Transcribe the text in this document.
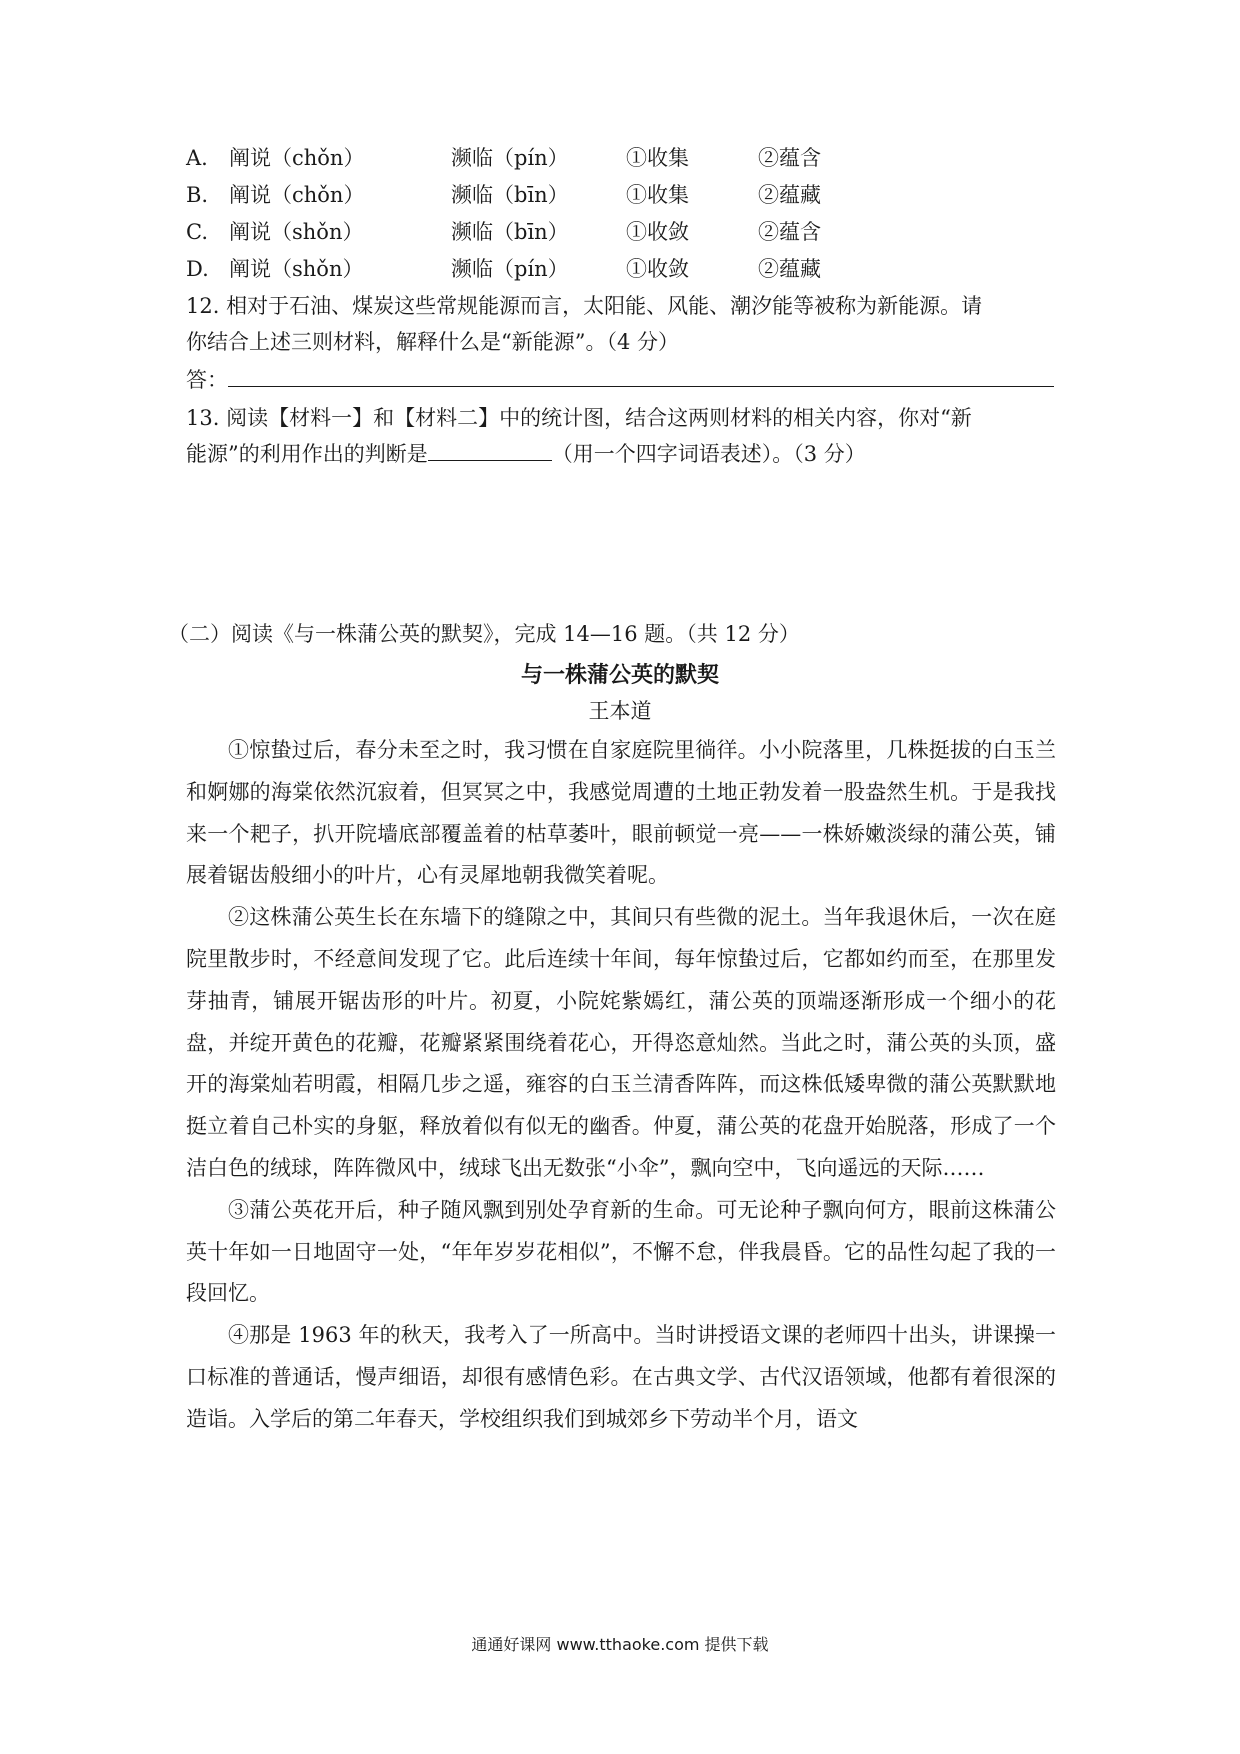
A. 阐说（chǒn）	濒临（pín）	①收集	②蕴含
B. 阐说（chǒn）	濒临（bīn）	①收集	②蕴藏
C. 阐说（shǒn）	濒临（bīn）	①收敛	②蕴含
D. 阐说（shǒn）	濒临（pín）	①收敛	②蕴藏
12. 相对于石油、煤炭这些常规能源而言，太阳能、风能、潮汐能等被称为新能源。请
你结合上述三则材料，解释什么是“新能源”。（4 分）
答：
13. 阅读【材料一】和【材料二】中的统计图，结合这两则材料的相关内容，你对“新
能源”的利用作出的判断是	（用一个四字词语表述）。（3 分）
（二）阅读《与一株蒲公英的默契》，完成 14—16 题。（共 12 分）
与一株蒲公英的默契
王本道

①惊蛰过后，春分未至之时，我习惯在自家庭院里徜徉。小小院落里，几株挺拔的白玉兰和婀娜的海棠依然沉寂着，但冥冥之中，我感觉周遭的土地正勃发着一股盎然生机。于是我找来一个耙子，扒开院墙底部覆盖着的枯草萎叶，眼前顿觉一亮——一株娇嫩淡绿的蒲公英，铺展着锯齿般细小的叶片，心有灵犀地朝我微笑着呢。

②这株蒲公英生长在东墙下的缝隙之中，其间只有些微的泥土。当年我退休后，一次在庭院里散步时，不经意间发现了它。此后连续十年间，每年惊蛰过后，它都如约而至，在那里发芽抽青，铺展开锯齿形的叶片。初夏，小院姹紫嫣红，蒲公英的顶端逐渐形成一个细小的花盘，并绽开黄色的花瓣，花瓣紧紧围绕着花心，开得恣意灿然。当此之时，蒲公英的头顶，盛开的海棠灿若明霞，相隔几步之遥，雍容的白玉兰清香阵阵，而这株低矮卑微的蒲公英默默地挺立着自己朴实的身躯，释放着似有似无的幽香。仲夏，蒲公英的花盘开始脱落，形成了一个洁白色的绒球，阵阵微风中，绒球飞出无数张“小伞”，飘向空中，飞向遥远的天际……

③蒲公英花开后，种子随风飘到别处孕育新的生命。可无论种子飘向何方，眼前这株蒲公英十年如一日地固守一处，“年年岁岁花相似”，不懈不怠，伴我晨昏。它的品性勾起了我的一段回忆。

④那是 1963 年的秋天，我考入了一所高中。当时讲授语文课的老师四十出头，讲课操一口标准的普通话，慢声细语，却很有感情色彩。在古典文学、古代汉语领域，他都有着很深的造诣。入学后的第二年春天，学校组织我们到城郊乡下劳动半个月，语文

通通好课网 www.tthaoke.com 提供下载
